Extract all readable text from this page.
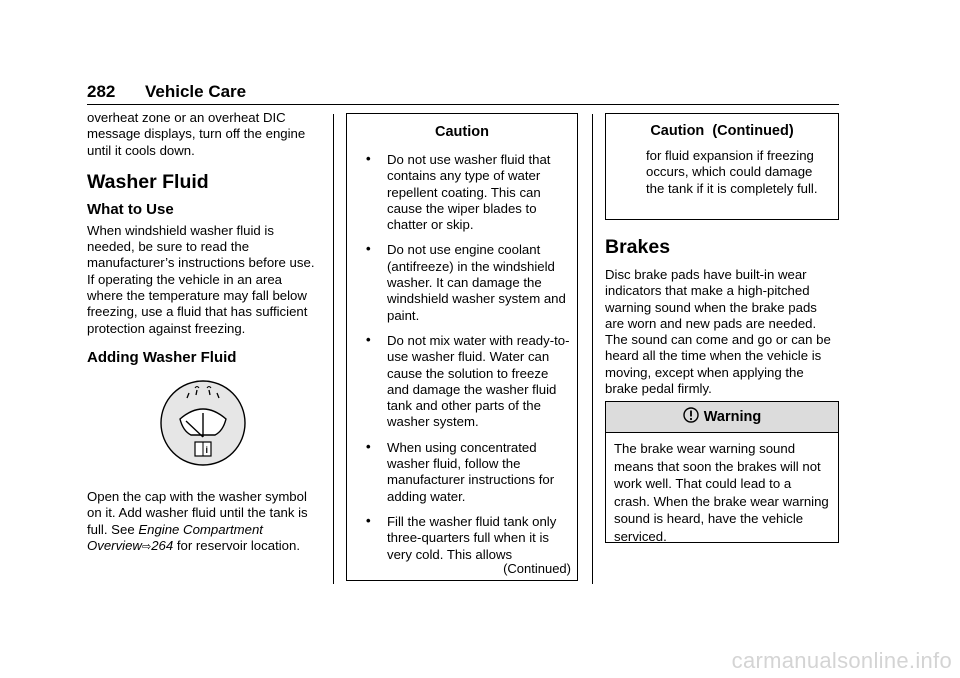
282 Vehicle Care

overheat zone or an overheat DIC message displays, turn off the engine until it cools down.

Washer Fluid
What to Use

When windshield washer fluid is needed, be sure to read the manufacturer’s instructions before use. If operating the vehicle in an area where the temperature may fall below freezing, use a fluid that has sufficient protection against freezing.

Adding Washer Fluid
i

Open the cap with the washer symbol on it. Add washer fluid until the tank is full. See Engine Compartment Overview⇨264 for reservoir location.

Caution
• Do not use washer fluid that contains any type of water repellent coating. This can cause the wiper blades to chatter or skip.
• Do not use engine coolant (antifreeze) in the windshield washer. It can damage the windshield washer system and paint.
• Do not mix water with ready-to-use washer fluid. Water can cause the solution to freeze and damage the washer fluid tank and other parts of the washer system.
• When using concentrated washer fluid, follow the manufacturer instructions for adding water.
• Fill the washer fluid tank only three-quarters full when it is very cold. This allows
(Continued)
Caution  (Continued)

for fluid expansion if freezing occurs, which could damage the tank if it is completely full.

Brakes

Disc brake pads have built-in wear indicators that make a high-pitched warning sound when the brake pads are worn and new pads are needed. The sound can come and go or can be heard all the time when the vehicle is moving, except when applying the brake pedal firmly.

Warning

The brake wear warning sound means that soon the brakes will not work well. That could lead to a crash. When the brake wear warning sound is heard, have the vehicle serviced.

carmanualsonline.info
